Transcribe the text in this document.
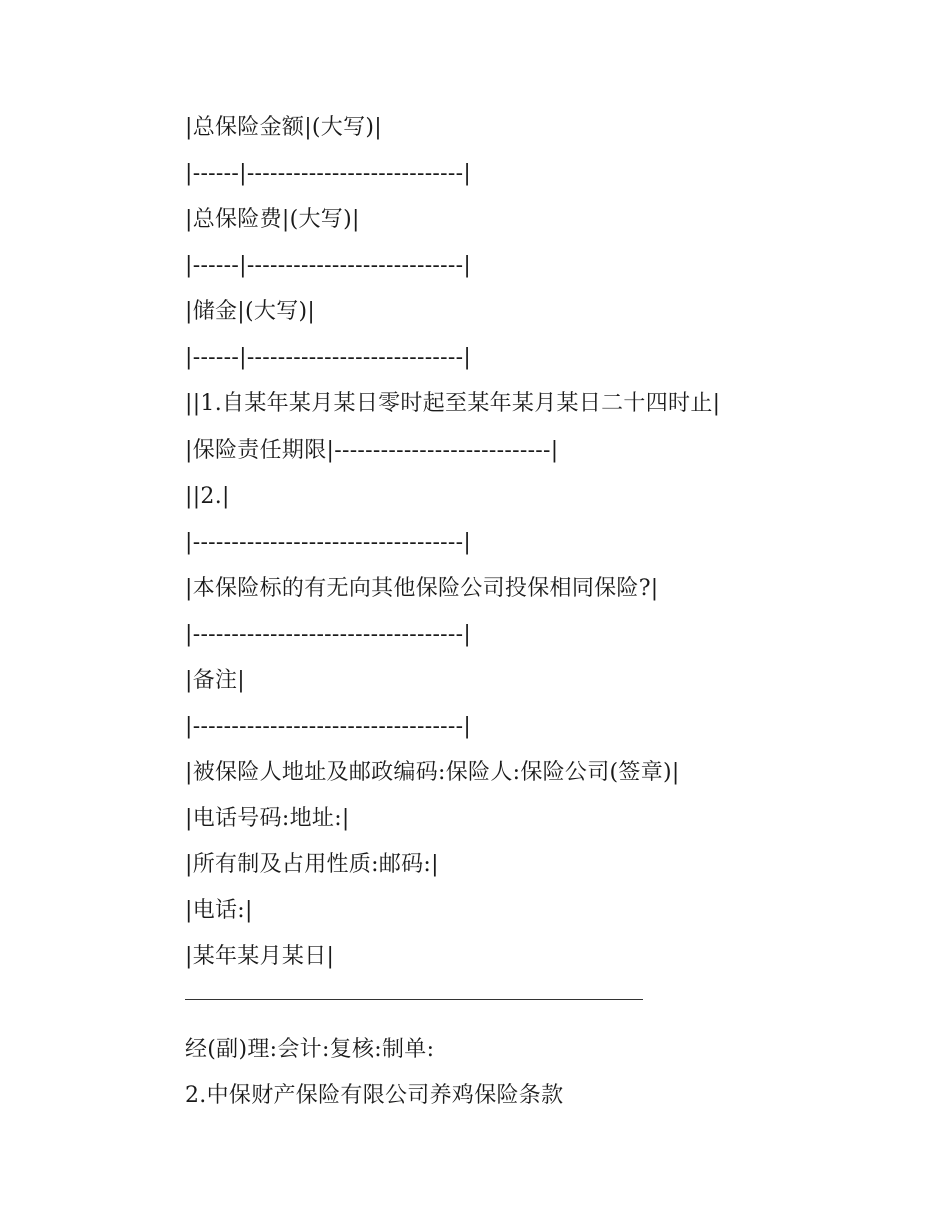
|总保险金额|(大写)|
|------|----------------------------|
|总保险费|(大写)|
|------|----------------------------|
|储金|(大写)|
|------|----------------------------|
||1.自某年某月某日零时起至某年某月某日二十四时止|
|保险责任期限|----------------------------|
||2.|
|-----------------------------------|
|本保险标的有无向其他保险公司投保相同保险?|
|-----------------------------------|
|备注|
|-----------------------------------|
|被保险人地址及邮政编码:保险人:保险公司(签章)|
|电话号码:地址:|
|所有制及占用性质:邮码:|
|电话:|
|某年某月某日|
经(副)理:会计:复核:制单:
2.中保财产保险有限公司养鸡保险条款
